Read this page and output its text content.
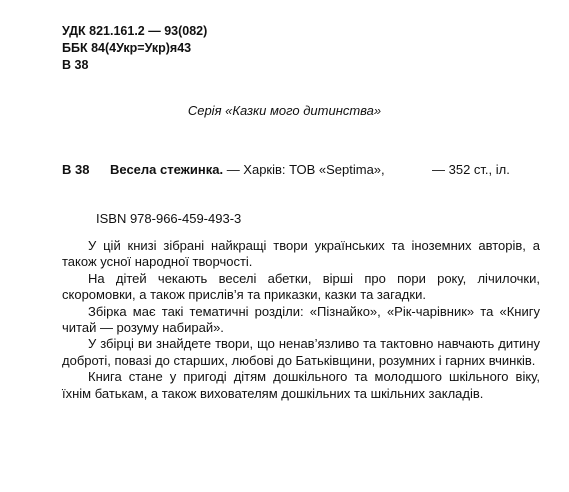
УДК 821.161.2 — 93(082)
ББК 84(4Укр=Укр)я43
В 38
Серія «Казки мого дитинства»
В 38 Весела стежинка. — Харків: ТОВ «Septima»,	— 352 ст., іл.
ISBN 978-966-459-493-3

У цій книзі зібрані найкращі твори українських та іноземних авторів, а також усної народної творчості.

На дітей чекають веселі абетки, вірші про пори року, лічилочки, скоромовки, а також прислів’я та приказки, казки та загадки.

Збірка має такі тематичні розділи: «Пізнайко», «Рік-чарівник» та «Книгу читай — розуму набирай».

У збірці ви знайдете твори, що ненав’язливо та тактовно навчають дитину доброті, повазі до старших, любові до Батьківщини, розумних і гарних вчинків.

Книга стане у пригоді дітям дошкільного та молодшого шкільного віку, їхнім батькам, а також вихователям дошкільних та шкільних закладів.
